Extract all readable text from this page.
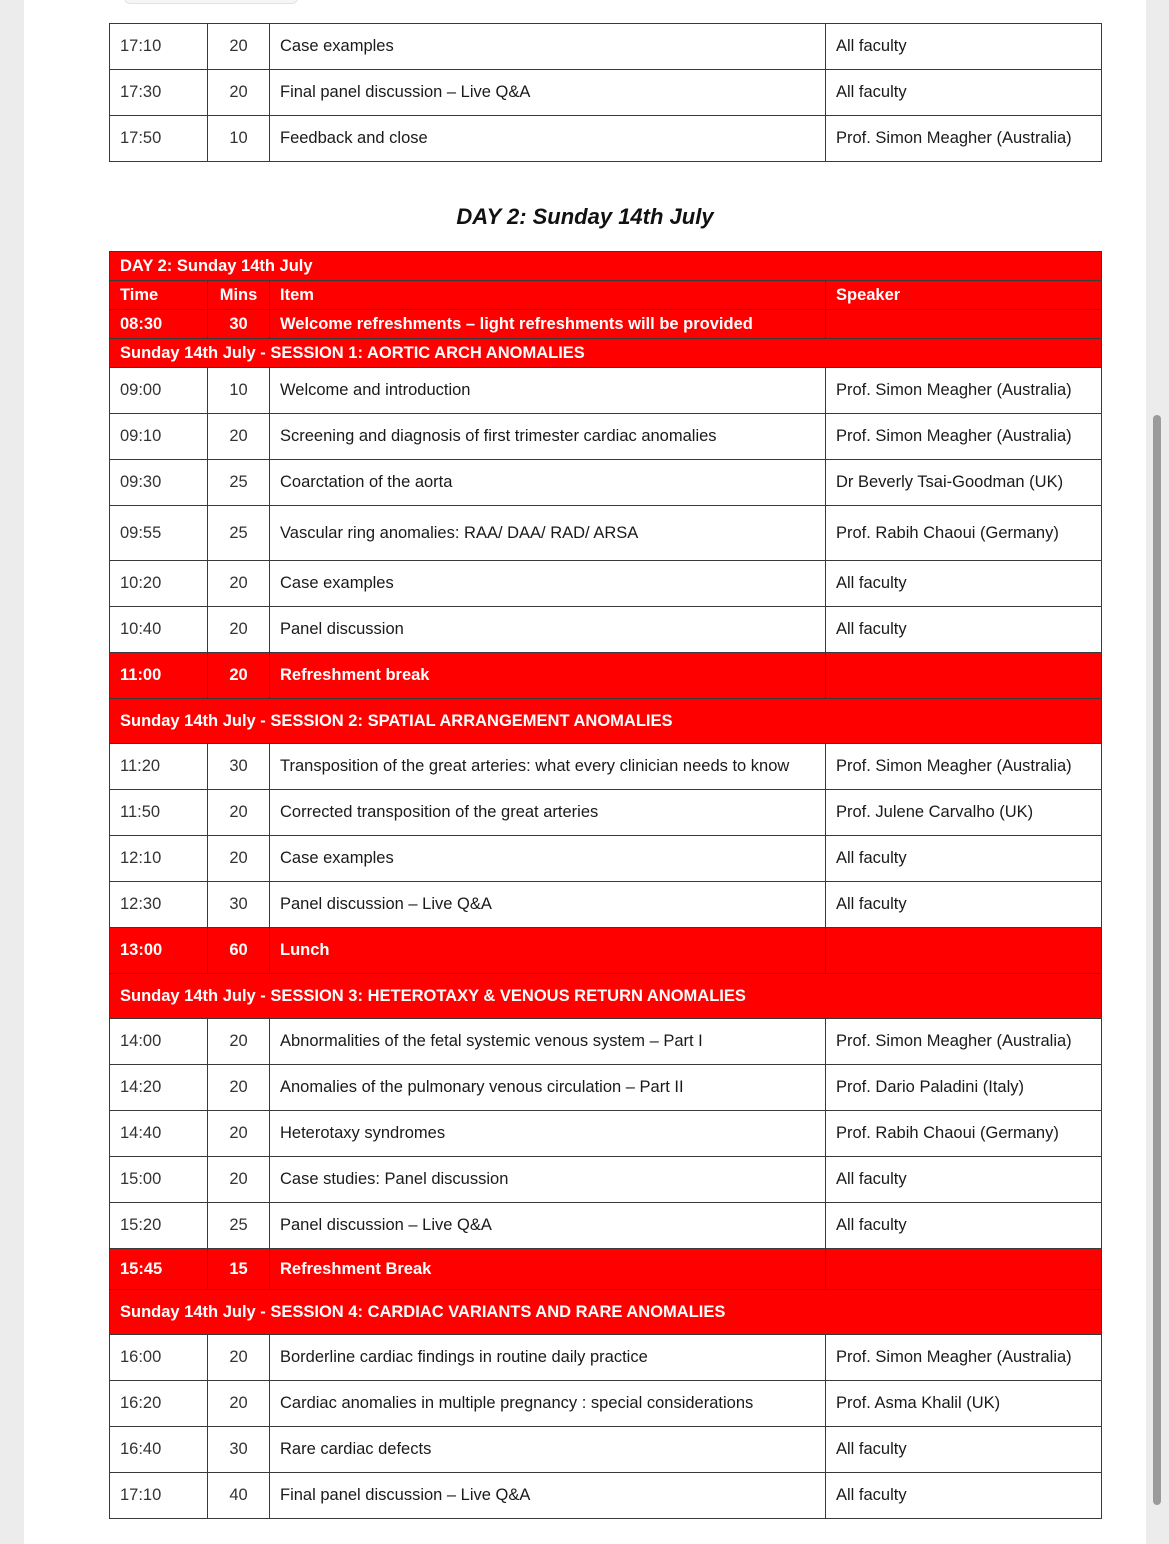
17:10	20	Case examples	All faculty
17:30	20	Final panel discussion – Live Q&A	All faculty
17:50	10	Feedback and close	Prof. Simon Meagher (Australia)
DAY 2: Sunday 14th July
DAY 2: Sunday 14th July			
Time	Mins	Item	Speaker
08:30	30	Welcome refreshments – light refreshments will be provided	
Sunday 14th July - SESSION 1: AORTIC ARCH ANOMALIES			
09:00	10	Welcome and introduction	Prof. Simon Meagher (Australia)
09:10	20	Screening and diagnosis of first trimester cardiac anomalies	Prof. Simon Meagher (Australia)
09:30	25	Coarctation of the aorta	Dr Beverly Tsai-Goodman (UK)
09:55	25	Vascular ring anomalies: RAA/ DAA/ RAD/ ARSA	Prof. Rabih Chaoui (Germany)
10:20	20	Case examples	All faculty
10:40	20	Panel discussion	All faculty
11:00	20	Refreshment break	
Sunday 14th July - SESSION 2: SPATIAL ARRANGEMENT ANOMALIES			
11:20	30	Transposition of the great arteries: what every clinician needs to know	Prof. Simon Meagher (Australia)
11:50	20	Corrected transposition of the great arteries	Prof. Julene Carvalho (UK)
12:10	20	Case examples	All faculty
12:30	30	Panel discussion – Live Q&A	All faculty
13:00	60	Lunch	
Sunday 14th July - SESSION 3: HETEROTAXY & VENOUS RETURN ANOMALIES			
14:00	20	Abnormalities of the fetal systemic venous system – Part I	Prof. Simon Meagher (Australia)
14:20	20	Anomalies of the pulmonary venous circulation – Part II	Prof. Dario Paladini (Italy)
14:40	20	Heterotaxy syndromes	Prof. Rabih Chaoui (Germany)
15:00	20	Case studies: Panel discussion	All faculty
15:20	25	Panel discussion – Live Q&A	All faculty
15:45	15	Refreshment Break	
Sunday 14th July - SESSION 4: CARDIAC VARIANTS AND RARE ANOMALIES			
16:00	20	Borderline cardiac findings in routine daily practice	Prof. Simon Meagher (Australia)
16:20	20	Cardiac anomalies in multiple pregnancy : special considerations	Prof. Asma Khalil (UK)
16:40	30	Rare cardiac defects	All faculty
17:10	40	Final panel discussion – Live Q&A	All faculty
